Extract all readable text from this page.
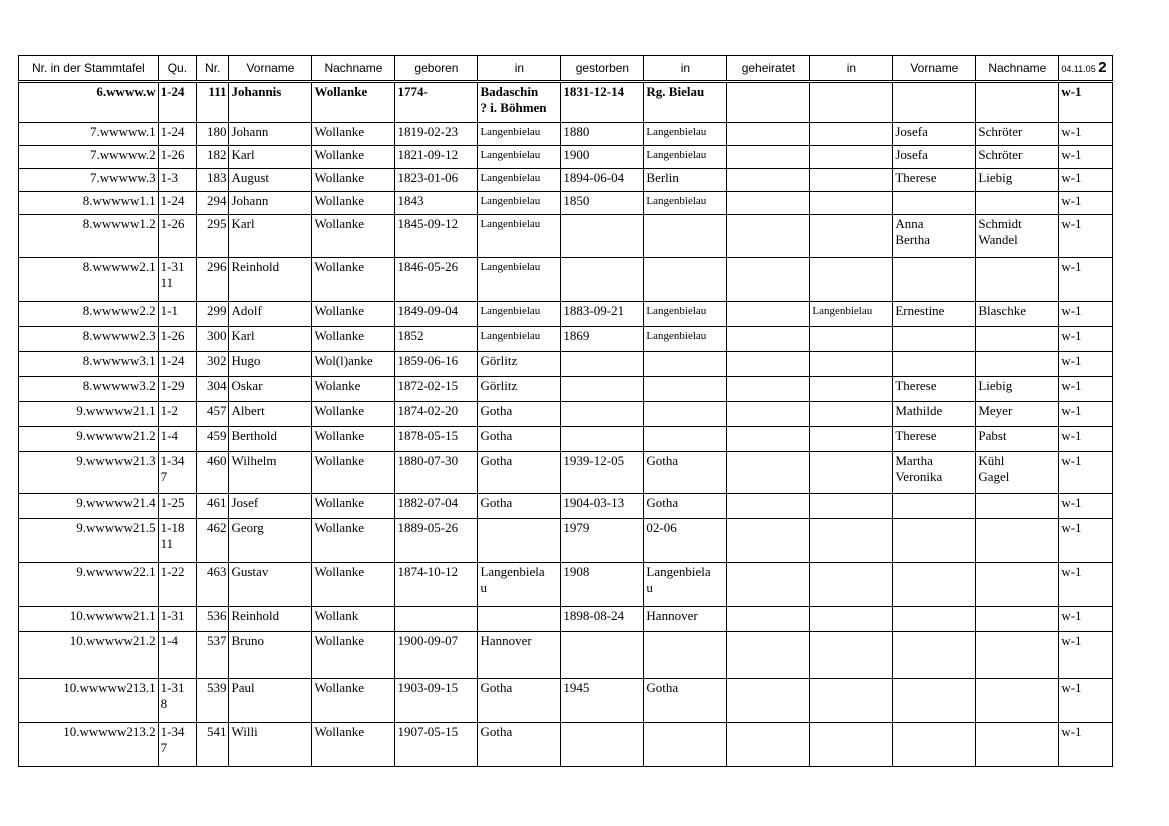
Nr. in der Stammtafel	Qu.	Nr.	Vorname	Nachname	geboren	in	gestorben	in	geheiratet	in	Vorname	Nachname	04.11.05 2
6.wwww.w	1-24	111	Johannis	Wollanke	1774-	Badaschin
? i. Böhmen	1831-12-14	Rg. Bielau					w-1
7.wwwww.1	1-24	180	Johann	Wollanke	1819-02-23	Langenbielau	1880	Langenbielau			Josefa	Schröter	w-1
7.wwwww.2	1-26	182	Karl	Wollanke	1821-09-12	Langenbielau	1900	Langenbielau			Josefa	Schröter	w-1
7.wwwww.3	1-3	183	August	Wollanke	1823-01-06	Langenbielau	1894-06-04	Berlin			Therese	Liebig	w-1
8.wwwww1.1	1-24	294	Johann	Wollanke	1843	Langenbielau	1850	Langenbielau					w-1
8.wwwww1.2	1-26	295	Karl	Wollanke	1845-09-12	Langenbielau					Anna
Bertha	Schmidt
Wandel	w-1
8.wwwww2.1	1-31
11	296	Reinhold	Wollanke	1846-05-26	Langenbielau							w-1
8.wwwww2.2	1-1	299	Adolf	Wollanke	1849-09-04	Langenbielau	1883-09-21	Langenbielau		Langenbielau	Ernestine	Blaschke	w-1
8.wwwww2.3	1-26	300	Karl	Wollanke	1852	Langenbielau	1869	Langenbielau					w-1
8.wwwww3.1	1-24	302	Hugo	Wol(l)anke	1859-06-16	Görlitz							w-1
8.wwwww3.2	1-29	304	Oskar	Wolanke	1872-02-15	Görlitz					Therese	Liebig	w-1
9.wwwww21.1	1-2	457	Albert	Wollanke	1874-02-20	Gotha					Mathilde	Meyer	w-1
9.wwwww21.2	1-4	459	Berthold	Wollanke	1878-05-15	Gotha					Therese	Pabst	w-1
9.wwwww21.3	1-34
7	460	Wilhelm	Wollanke	1880-07-30	Gotha	1939-12-05	Gotha			Martha
Veronika	Kühl
Gagel	w-1
9.wwwww21.4	1-25	461	Josef	Wollanke	1882-07-04	Gotha	1904-03-13	Gotha					w-1
9.wwwww21.5	1-18
11	462	Georg	Wollanke	1889-05-26		1979	02-06					w-1
9.wwwww22.1	1-22	463	Gustav	Wollanke	1874-10-12	Langenbiela
u	1908	Langenbiela
u					w-1
10.wwwww21.1	1-31	536	Reinhold	Wollank			1898-08-24	Hannover					w-1
10.wwwww21.2	1-4	537	Bruno	Wollanke	1900-09-07	Hannover							w-1
10.wwwww213.1	1-31
8	539	Paul	Wollanke	1903-09-15	Gotha	1945	Gotha					w-1
10.wwwww213.2	1-34
7	541	Willi	Wollanke	1907-05-15	Gotha							w-1
